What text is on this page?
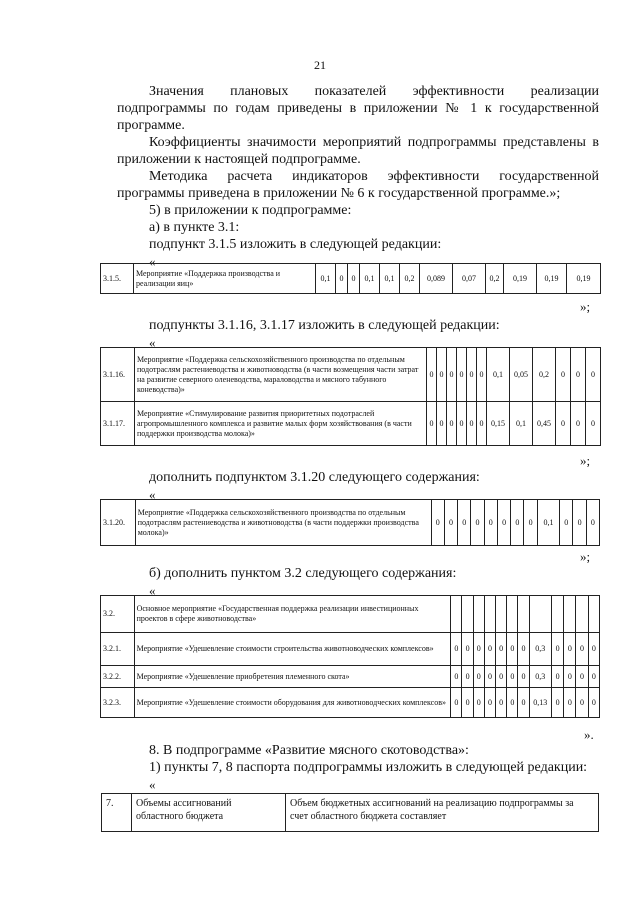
21
Значения плановых показателей эффективности реализации
подпрограммы по годам приведены в приложении № 1 к государственной
программе.
Коэффициенты значимости мероприятий подпрограммы представлены в
приложении к настоящей подпрограмме.
Методика расчета индикаторов эффективности государственной
программы приведена в приложении № 6 к государственной программе.»;
5) в приложении к подпрограмме:
а) в пункте 3.1:
подпункт 3.1.5 изложить в следующей редакции:
«
3.1.5.	Мероприятие «Поддержка производства и реализации яиц»	0,1	0	0	0,1	0,1	0,2	0,089	0,07	0,2	0,19	0,19	0,19
»;
подпункты 3.1.16, 3.1.17 изложить в следующей редакции:
«
3.1.16.	Мероприятие «Поддержка сельскохозяйственного производства по отдельным подотраслям растениеводства и животноводства (в части возмещения части затрат на развитие северного оленеводства, мараловодства и мясного табунного коневодства)»	0	0	0	0	0	0	0,1	0,05	0,2	0	0	0
3.1.17.	Мероприятие «Стимулирование развития приоритетных подотраслей агропромышленного комплекса и развитие малых форм хозяйствования (в части поддержки производства молока)»	0	0	0	0	0	0	0,15	0,1	0,45	0	0	0
»;
дополнить подпунктом 3.1.20 следующего содержания:
«
3.1.20.	Мероприятие «Поддержка сельскохозяйственного производства по отдельным подотраслям растениеводства и животноводства (в части поддержки производства молока)»	0	0	0	0	0	0	0	0	0,1	0	0	0
»;
б) дополнить пунктом 3.2 следующего содержания:
«
3.2.	Основное мероприятие «Государственная поддержка реализации инвестиционных проектов в сфере животноводства»												
3.2.1.	Мероприятие «Удешевление стоимости строительства животноводческих комплексов»	0	0	0	0	0	0	0	0,3	0	0	0	0
3.2.2.	Мероприятие «Удешевление приобретения племенного скота»	0	0	0	0	0	0	0	0,3	0	0	0	0
3.2.3.	Мероприятие «Удешевление стоимости оборудования для животноводческих комплексов»	0	0	0	0	0	0	0	0,13	0	0	0	0
».
8. В подпрограмме «Развитие мясного скотоводства»:
1) пункты 7, 8 паспорта подпрограммы изложить в следующей редакции:
«
7.	Объемы ассигнований областного бюджета	Объем бюджетных ассигнований на реализацию подпрограммы за счет областного бюджета составляет
